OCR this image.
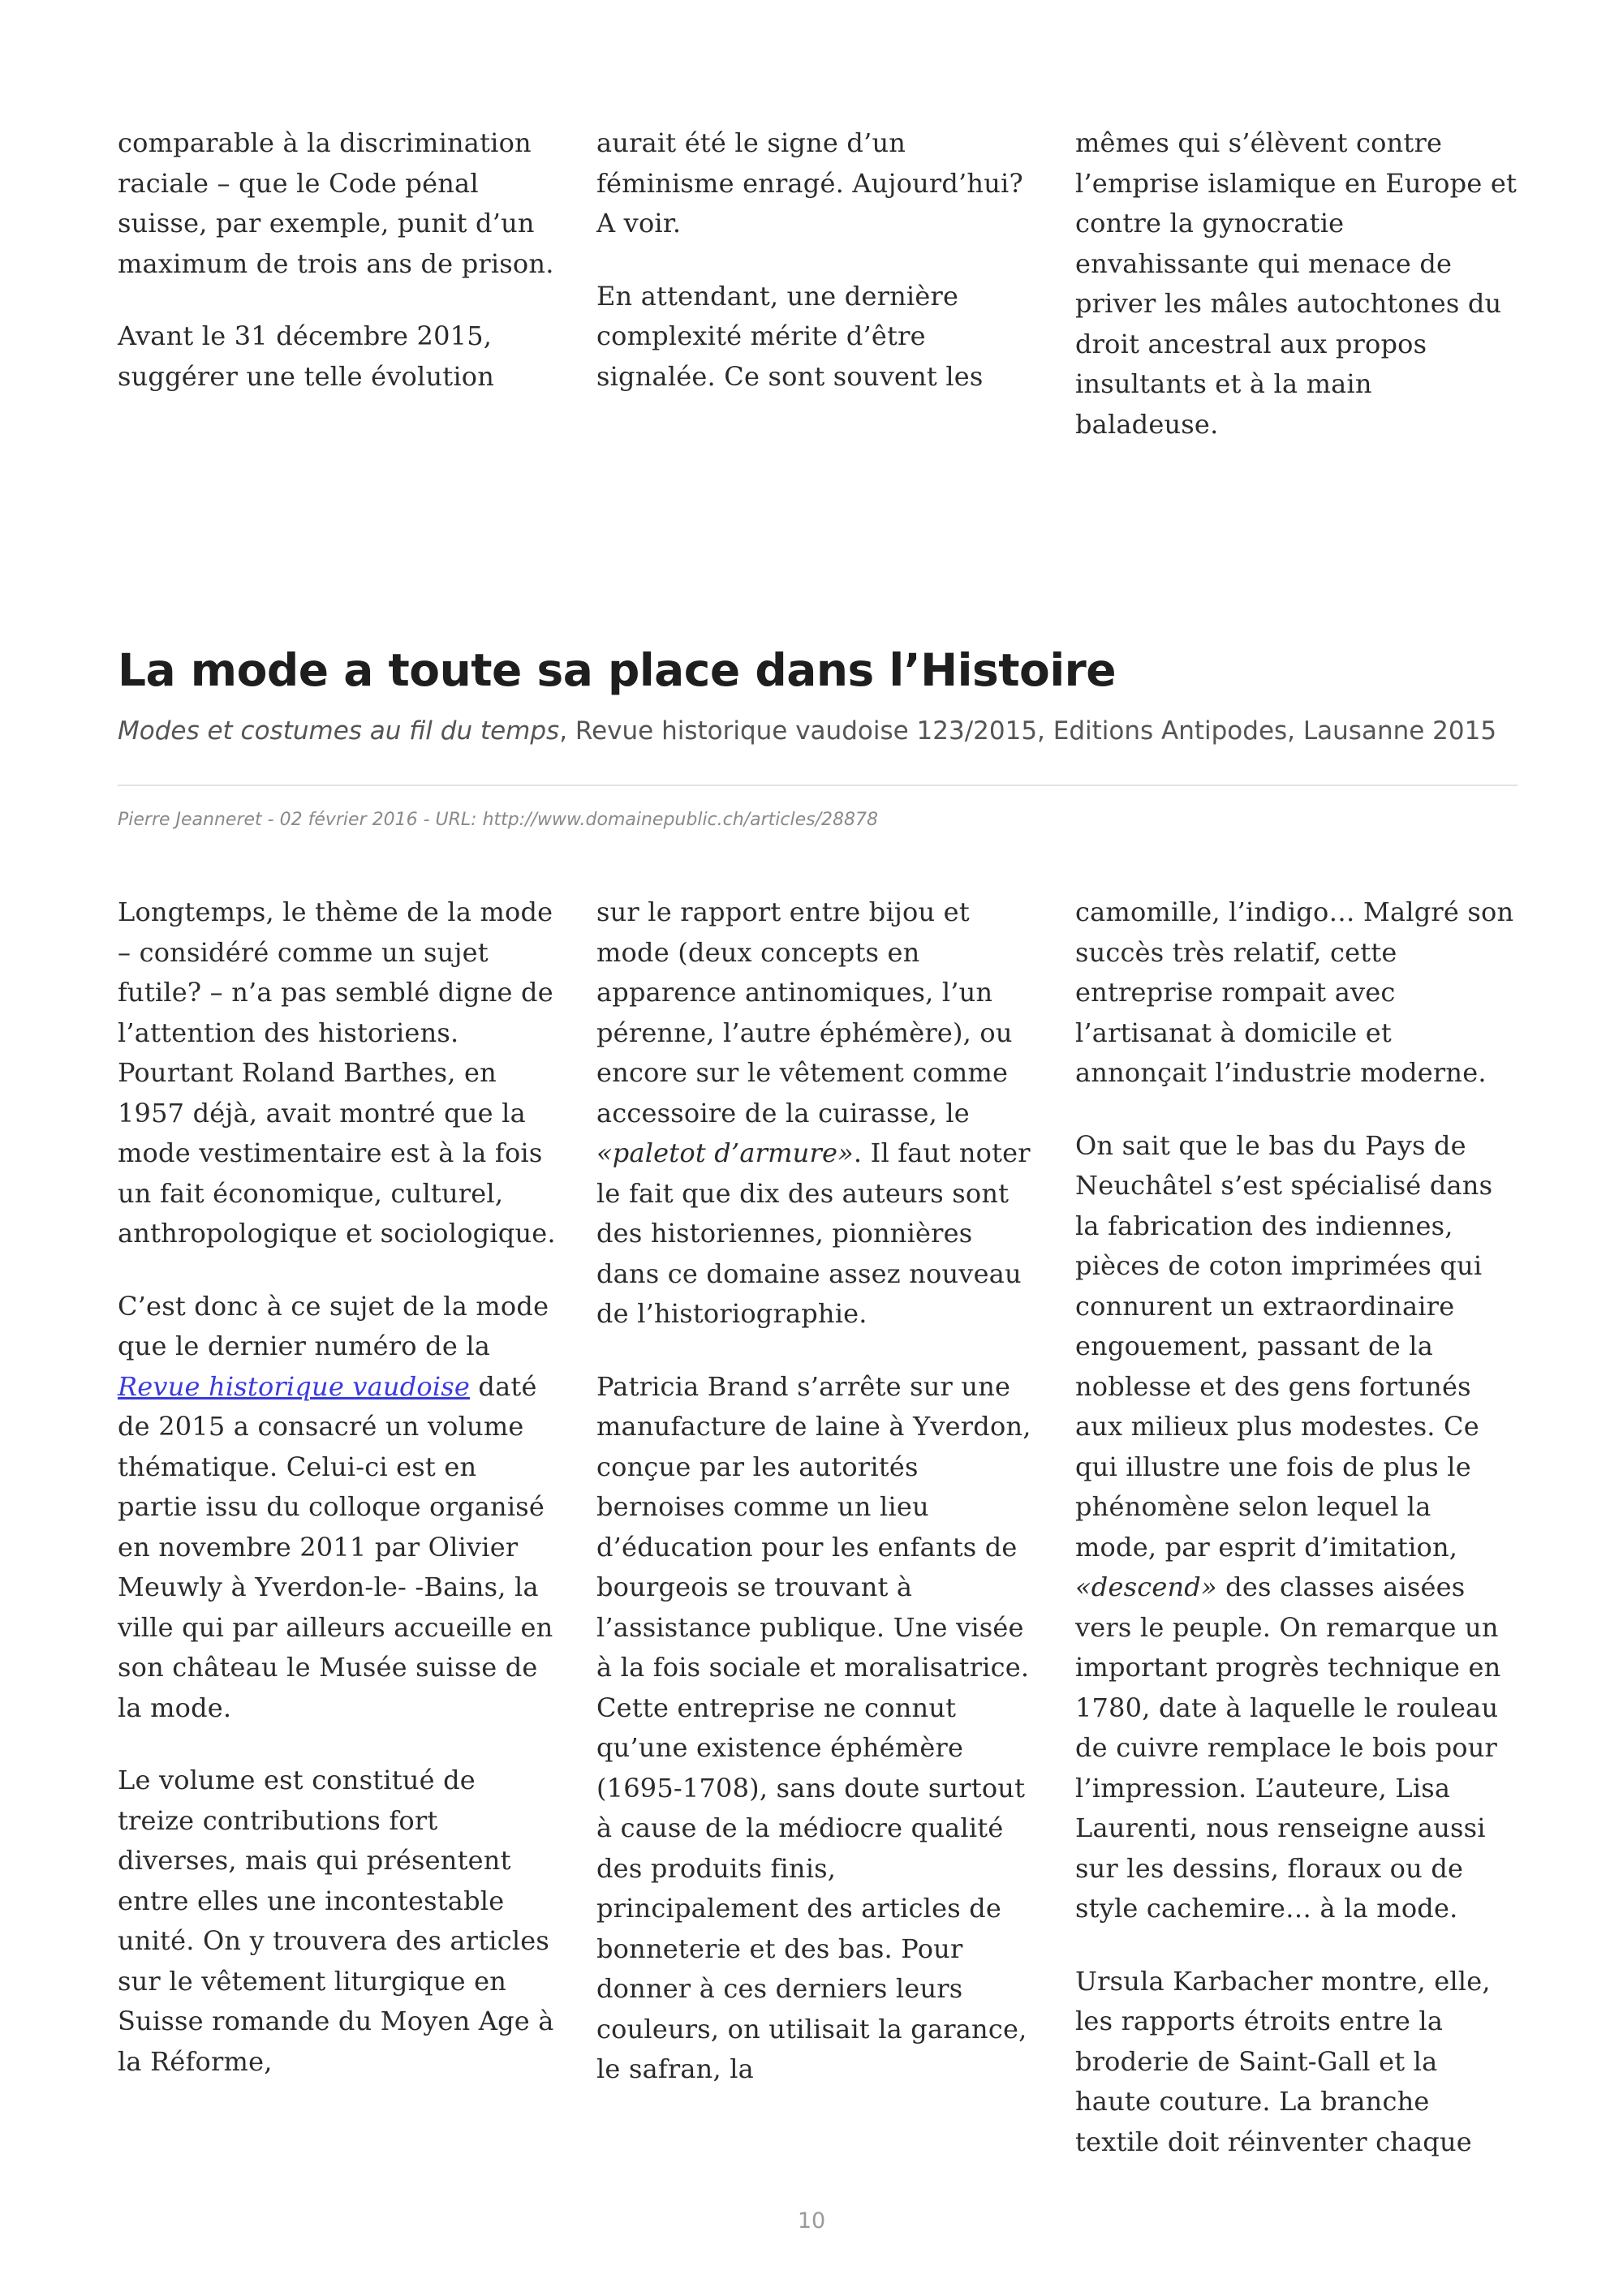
comparable à la discrimination raciale – que le Code pénal suisse, par exemple, punit d’un maximum de trois ans de prison.

Avant le 31 décembre 2015, suggérer une telle évolution

aurait été le signe d’un féminisme enragé. Aujourd’hui? A voir.

En attendant, une dernière complexité mérite d’être signalée. Ce sont souvent les

mêmes qui s’élèvent contre l’emprise islamique en Europe et contre la gynocratie envahissante qui menace de priver les mâles autochtones du droit ancestral aux propos insultants et à la main baladeuse.

La mode a toute sa place dans l’Histoire
Modes et costumes au fil du temps, Revue historique vaudoise 123/2015, Editions Antipodes, Lausanne 2015
Pierre Jeanneret - 02 février 2016 - URL: http://www.domainepublic.ch/articles/28878

Longtemps, le thème de la mode – considéré comme un sujet futile? – n’a pas semblé digne de l’attention des historiens. Pourtant Roland Barthes, en 1957 déjà, avait montré que la mode vestimentaire est à la fois un fait économique, culturel, anthropologique et sociologique.

C’est donc à ce sujet de la mode que le dernier numéro de la Revue historique vaudoise daté de 2015 a consacré un volume thématique. Celui-ci est en partie issu du colloque organisé en novembre 2011 par Olivier Meuwly à Yverdon-le- -Bains, la ville qui par ailleurs accueille en son château le Musée suisse de la mode.

Le volume est constitué de treize contributions fort diverses, mais qui présentent entre elles une incontestable unité. On y trouvera des articles sur le vêtement liturgique en Suisse romande du Moyen Age à la Réforme,

sur le rapport entre bijou et mode (deux concepts en apparence antinomiques, l’un pérenne, l’autre éphémère), ou encore sur le vêtement comme accessoire de la cuirasse, le «paletot d’armure». Il faut noter le fait que dix des auteurs sont des historiennes, pionnières dans ce domaine assez nouveau de l’historiographie.

Patricia Brand s’arrête sur une manufacture de laine à Yverdon, conçue par les autorités bernoises comme un lieu d’éducation pour les enfants de bourgeois se trouvant à l’assistance publique. Une visée à la fois sociale et moralisatrice. Cette entreprise ne connut qu’une existence éphémère (1695-1708), sans doute surtout à cause de la médiocre qualité des produits finis, principalement des articles de bonneterie et des bas. Pour donner à ces derniers leurs couleurs, on utilisait la garance, le safran, la

camomille, l’indigo… Malgré son succès très relatif, cette entreprise rompait avec l’artisanat à domicile et annonçait l’industrie moderne.

On sait que le bas du Pays de Neuchâtel s’est spécialisé dans la fabrication des indiennes, pièces de coton imprimées qui connurent un extraordinaire engouement, passant de la noblesse et des gens fortunés aux milieux plus modestes. Ce qui illustre une fois de plus le phénomène selon lequel la mode, par esprit d’imitation, «descend» des classes aisées vers le peuple. On remarque un important progrès technique en 1780, date à laquelle le rouleau de cuivre remplace le bois pour l’impression. L’auteure, Lisa Laurenti, nous renseigne aussi sur les dessins, floraux ou de style cachemire… à la mode.

Ursula Karbacher montre, elle, les rapports étroits entre la broderie de Saint-Gall et la haute couture. La branche textile doit réinventer chaque

10
